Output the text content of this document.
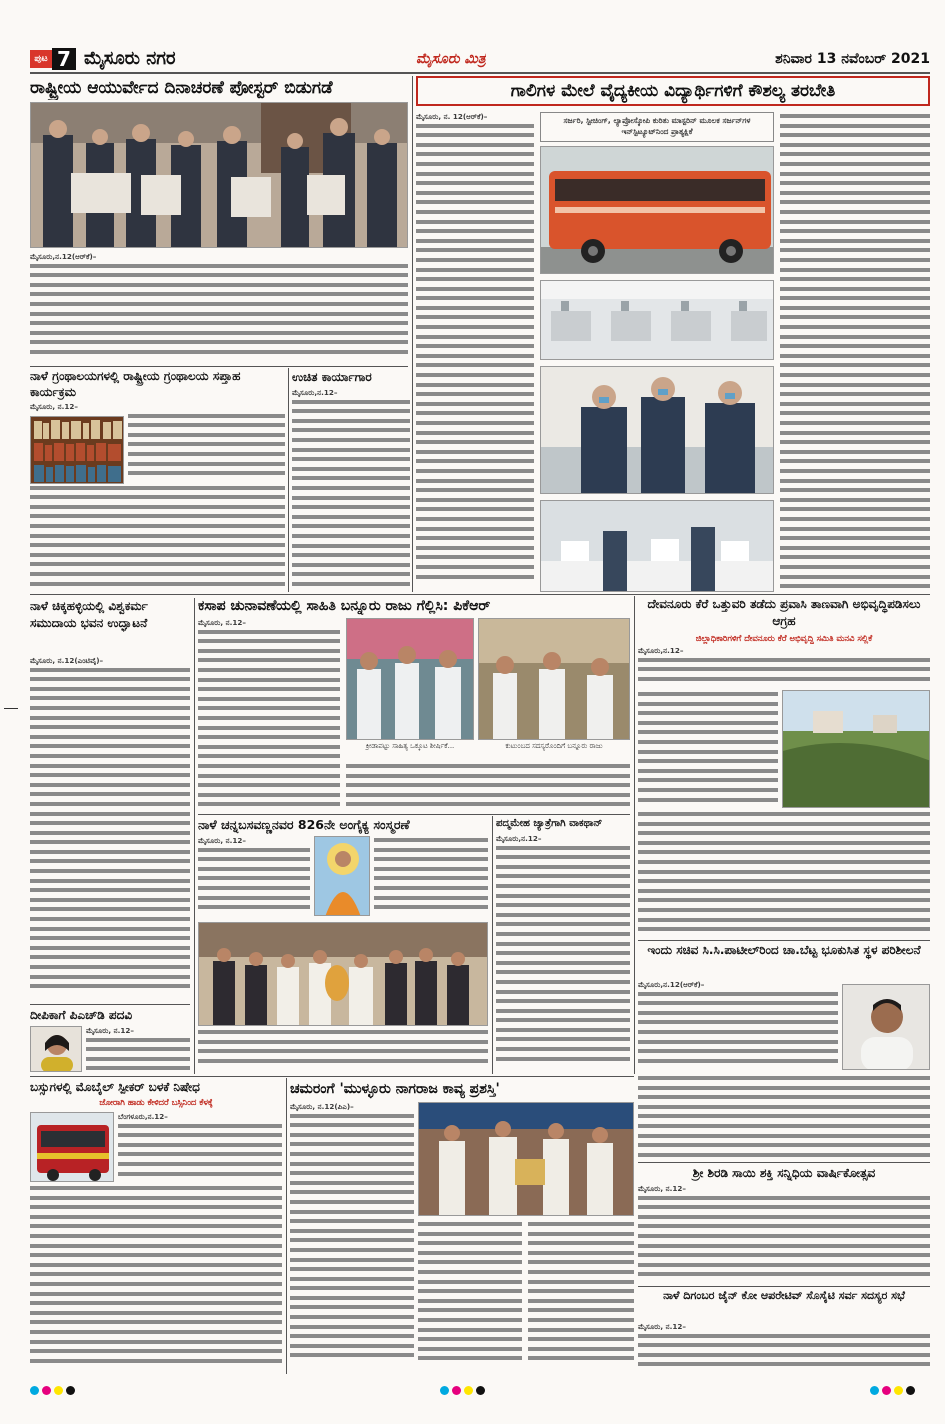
ಪುಟ 7 ಮೈಸೂರು ನಗರ	ಮೈಸೂರು ಮಿತ್ರ	ಶನಿವಾರ 13 ನವೆಂಬರ್ 2021
ರಾಷ್ಟ್ರೀಯ ಆಯುರ್ವೇದ ದಿನಾಚರಣೆ ಪೋಸ್ಟರ್ ಬಿಡುಗಡೆ
ಮೈಸೂರು,ನ.12(ಆರ್‌ಕೆ)–
ನಾಳೆ ಗ್ರಂಥಾಲಯಗಳಲ್ಲಿ ರಾಷ್ಟ್ರೀಯ ಗ್ರಂಥಾಲಯ ಸಪ್ತಾಹ ಕಾರ್ಯಕ್ರಮ
ಮೈಸೂರು, ನ.12–
ಉಚಿತ ಕಾರ್ಯಾಗಾರ
ಮೈಸೂರು,ನ.12–
ಗಾಲಿಗಳ ಮೇಲೆ ವೈದ್ಯಕೀಯ ವಿದ್ಯಾರ್ಥಿಗಳಿಗೆ ಕೌಶಲ್ಯ ತರಬೇತಿ
ಮೈಸೂರು, ನ. 12(ಆರ್‌ಕೆ)–	ಸರ್ಜರಿ, ಸ್ಟೀಚಿಂಗ್, ಲ್ಯಾಪ್ರೋಸ್ಕೋಪಿ ಕುರಿತು ಮಾಸ್ಟರಿನ್ ಮೂಲಕ ಸರ್ಜನ್‌ಗಳ ಇನ್‌ಸ್ಟಿಟ್ಯೂಟ್‌ನಿಂದ ಪ್ರಾತ್ಯಕ್ಷಿಕೆ
ನಾಳೆ ಚಿಕ್ಕಹಳ್ಳಿಯಲ್ಲಿ ವಿಶ್ವಕರ್ಮ ಸಮುದಾಯ ಭವನ ಉದ್ಘಾಟನೆ
ಮೈಸೂರು, ನ.12(ಎಂಟಿವೈ)–
ದೀಪಿಕಾಗೆ ಪಿಎಚ್‌ಡಿ ಪದವಿ
ಮೈಸೂರು, ನ.12–
ಕಸಾಪ ಚುನಾವಣೆಯಲ್ಲಿ ಸಾಹಿತಿ ಬನ್ನೂರು ರಾಜು ಗೆಲ್ಲಿಸಿ: ಪಿಕೆಆರ್
ಮೈಸೂರು, ನ.12–
ಕ್ರೀಡಾಪಟ್ಟು ಸಾಹಿತ್ಯ ಒಕ್ಕೂಟ ಶೀರ್ಷಿಕೆ...	ಕುಟುಂಬದ ಸದಸ್ಯರೊಂದಿಗೆ ಬನ್ನೂರು ರಾಜು
ನಾಳೆ ಚನ್ನಬಸವಣ್ಣನವರ 826ನೇ ಅಂಗೈಕ್ಯ ಸಂಸ್ಮರಣೆ
ಮೈಸೂರು, ನ.12–
ಪದ್ಮಮೇಹ ಜ್ಯಾತ್ರೆಗಾಗಿ ವಾಕಥಾನ್
ಮೈಸೂರು,ನ.12–
ದೇವನೂರು ಕೆರೆ ಒತ್ತುವರಿ ತಡೆದು ಪ್ರವಾಸಿ ತಾಣವಾಗಿ ಅಭಿವೃದ್ಧಿಪಡಿಸಲು ಆಗ್ರಹ
ಜಿಲ್ಲಾಧಿಕಾರಿಗಳಿಗೆ ದೇವನೂರು ಕೆರೆ ಅಭಿವೃದ್ಧಿ ಸಮಿತಿ ಮನವಿ ಸಲ್ಲಿಕೆ
ಮೈಸೂರು,ನ.12–
ಇಂದು ಸಚಿವ ಸಿ.ಸಿ.ಪಾಟೀಲ್‌ರಿಂದ ಚಾ.ಬೆಟ್ಟ ಭೂಕುಸಿತ ಸ್ಥಳ ಪರಿಶೀಲನೆ
ಮೈಸೂರು,ನ.12(ಆರ್‌ಕೆ)–
ಬಸ್ಸುಗಳಲ್ಲಿ ಮೊಬೈಲ್ ಸ್ಪೀಕರ್ ಬಳಕೆ ನಿಷೇಧ
ಜೋರಾಗಿ ಹಾಡು ಕೇಳಿದರೆ ಬಸ್ಸಿನಿಂದ ಕೆಳಕ್ಕೆ
ಬೆಂಗಳೂರು,ನ.12–
ಚಮರಂಗೆ 'ಮುಳ್ಳೂರು ನಾಗರಾಜ ಕಾವ್ಯ ಪ್ರಶಸ್ತಿ'
ಮೈಸೂರು, ನ.12(ಪಿಎ)–
ಶ್ರೀ ಶಿರಡಿ ಸಾಯಿ ಶಕ್ತಿ ಸನ್ನಿಧಿಯ ವಾರ್ಷಿಕೋತ್ಸವ
ಮೈಸೂರು, ನ.12–
ನಾಳೆ ದಿಗಂಬರ ಜೈನ್ ಕೋ ಆಪರೇಟಿವ್ ಸೊಸೈಟಿ ಸರ್ವ ಸದಸ್ಯರ ಸಭೆ
ಮೈಸೂರು, ನ.12–
